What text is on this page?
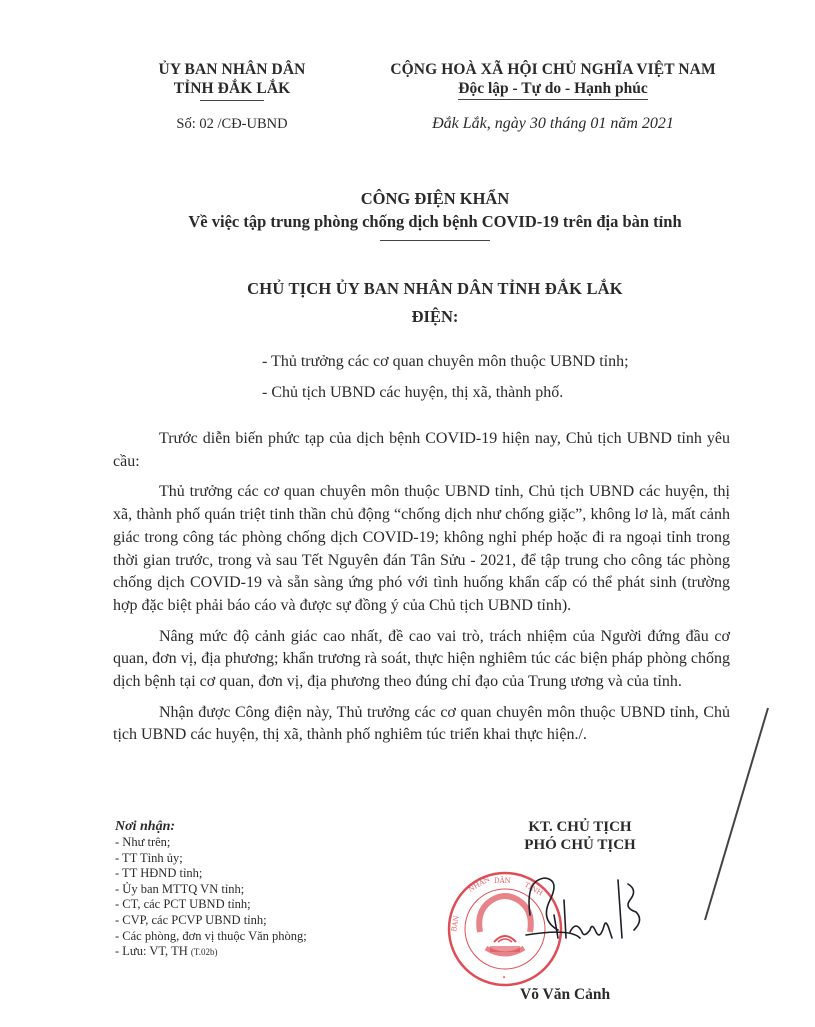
ỦY BAN NHÂN DÂN
TỈNH ĐẮK LẮK
Số: 02 /CĐ-UBND
CỘNG HOÀ XÃ HỘI CHỦ NGHĨA VIỆT NAM
Độc lập - Tự do - Hạnh phúc
Đắk Lắk, ngày 30 tháng 01 năm 2021
CÔNG ĐIỆN KHẨN
Về việc tập trung phòng chống dịch bệnh COVID-19 trên địa bàn tỉnh
CHỦ TỊCH ỦY BAN NHÂN DÂN TỈNH ĐẮK LẮK
ĐIỆN:
- Thủ trưởng các cơ quan chuyên môn thuộc UBND tỉnh;
- Chủ tịch UBND các huyện, thị xã, thành phố.

Trước diễn biến phức tạp của dịch bệnh COVID-19 hiện nay, Chủ tịch UBND tỉnh yêu cầu:

Thủ trưởng các cơ quan chuyên môn thuộc UBND tỉnh, Chủ tịch UBND các huyện, thị xã, thành phố quán triệt tinh thần chủ động “chống dịch như chống giặc”, không lơ là, mất cảnh giác trong công tác phòng chống dịch COVID-19; không nghỉ phép hoặc đi ra ngoại tỉnh trong thời gian trước, trong và sau Tết Nguyên đán Tân Sửu - 2021, để tập trung cho công tác phòng chống dịch COVID-19 và sẵn sàng ứng phó với tình huống khẩn cấp có thể phát sinh (trường hợp đặc biệt phải báo cáo và được sự đồng ý của Chủ tịch UBND tỉnh).

Nâng mức độ cảnh giác cao nhất, đề cao vai trò, trách nhiệm của Người đứng đầu cơ quan, đơn vị, địa phương; khẩn trương rà soát, thực hiện nghiêm túc các biện pháp phòng chống dịch bệnh tại cơ quan, đơn vị, địa phương theo đúng chỉ đạo của Trung ương và của tỉnh.

Nhận được Công điện này, Thủ trưởng các cơ quan chuyên môn thuộc UBND tỉnh, Chủ tịch UBND các huyện, thị xã, thành phố nghiêm túc triển khai thực hiện./.

Nơi nhận:
- Như trên;
- TT Tỉnh ủy;
- TT HĐND tỉnh;
- Ủy ban MTTQ VN tỉnh;
- CT, các PCT UBND tỉnh;
- CVP, các PCVP UBND tỉnh;
- Các phòng, đơn vị thuộc Văn phòng;
- Lưu: VT, TH (T.02b)
KT. CHỦ TỊCH
PHÓ CHỦ TỊCH
DÂN
NHÂN	TỈNH
BAN
•
Võ Văn Cảnh
